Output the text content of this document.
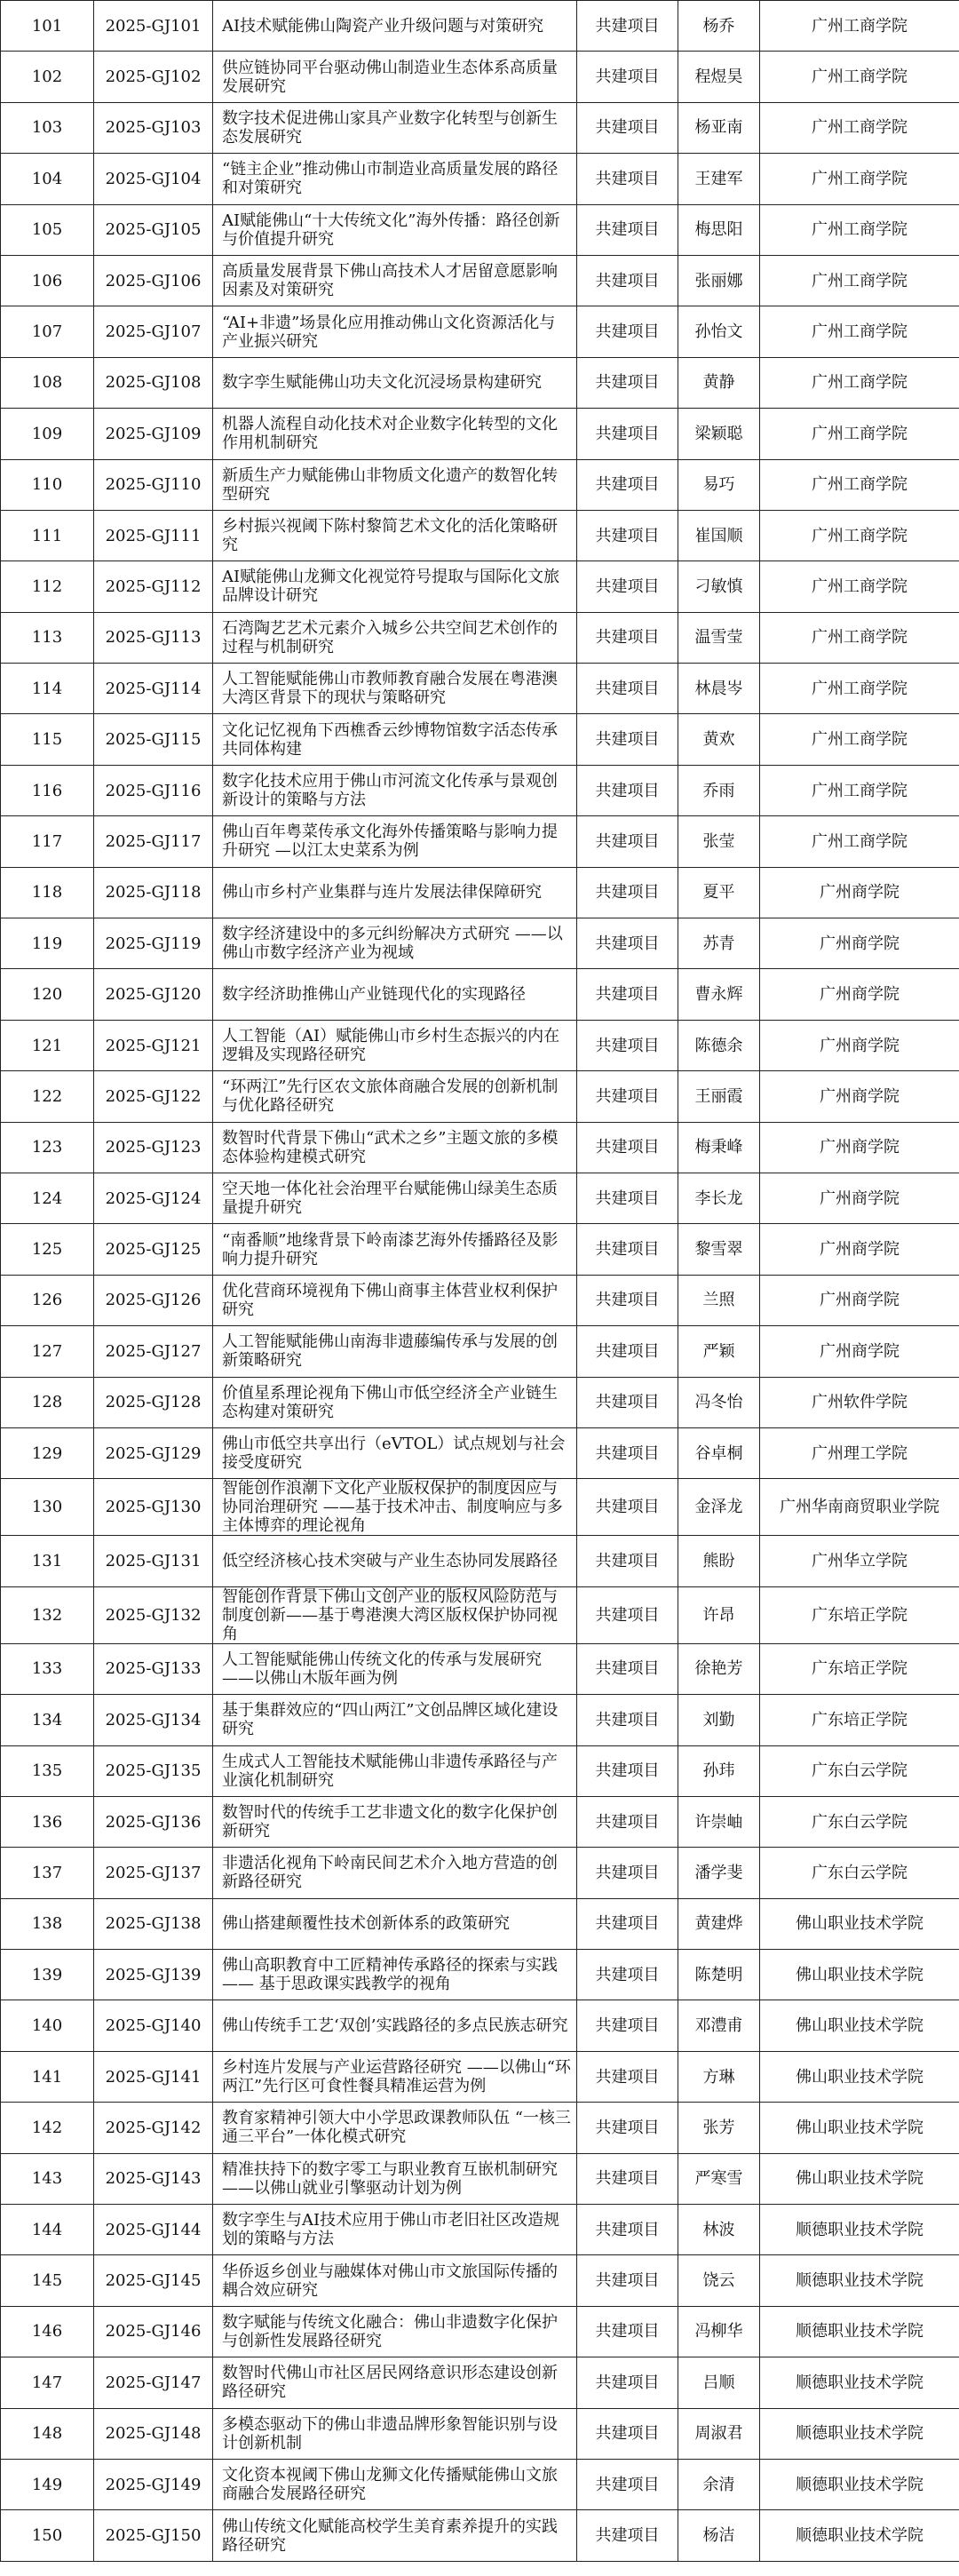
101	2025-GJ101	AI技术赋能佛山陶瓷产业升级问题与对策研究	共建项目	杨乔	广州工商学院
102	2025-GJ102	供应链协同平台驱动佛山制造业生态体系高质量发展研究	共建项目	程煜昊	广州工商学院
103	2025-GJ103	数字技术促进佛山家具产业数字化转型与创新生态发展研究	共建项目	杨亚南	广州工商学院
104	2025-GJ104	“链主企业”推动佛山市制造业高质量发展的路径和对策研究	共建项目	王建军	广州工商学院
105	2025-GJ105	AI赋能佛山“十大传统文化”海外传播：路径创新与价值提升研究	共建项目	梅思阳	广州工商学院
106	2025-GJ106	高质量发展背景下佛山高技术人才居留意愿影响因素及对策研究	共建项目	张丽娜	广州工商学院
107	2025-GJ107	“AI+非遗”场景化应用推动佛山文化资源活化与产业振兴研究	共建项目	孙怡文	广州工商学院
108	2025-GJ108	数字孪生赋能佛山功夫文化沉浸场景构建研究	共建项目	黄静	广州工商学院
109	2025-GJ109	机器人流程自动化技术对企业数字化转型的文化作用机制研究	共建项目	梁颖聪	广州工商学院
110	2025-GJ110	新质生产力赋能佛山非物质文化遗产的数智化转型研究	共建项目	易巧	广州工商学院
111	2025-GJ111	乡村振兴视阈下陈村黎简艺术文化的活化策略研究	共建项目	崔国顺	广州工商学院
112	2025-GJ112	AI赋能佛山龙狮文化视觉符号提取与国际化文旅品牌设计研究	共建项目	刁敏慎	广州工商学院
113	2025-GJ113	石湾陶艺艺术元素介入城乡公共空间艺术创作的过程与机制研究	共建项目	温雪莹	广州工商学院
114	2025-GJ114	人工智能赋能佛山市教师教育融合发展在粤港澳大湾区背景下的现状与策略研究	共建项目	林晨岑	广州工商学院
115	2025-GJ115	文化记忆视角下西樵香云纱博物馆数字活态传承共同体构建	共建项目	黄欢	广州工商学院
116	2025-GJ116	数字化技术应用于佛山市河流文化传承与景观创新设计的策略与方法	共建项目	乔雨	广州工商学院
117	2025-GJ117	佛山百年粤菜传承文化海外传播策略与影响力提升研究 —以江太史菜系为例	共建项目	张莹	广州工商学院
118	2025-GJ118	佛山市乡村产业集群与连片发展法律保障研究	共建项目	夏平	广州商学院
119	2025-GJ119	数字经济建设中的多元纠纷解决方式研究 ——以佛山市数字经济产业为视域	共建项目	苏青	广州商学院
120	2025-GJ120	数字经济助推佛山产业链现代化的实现路径	共建项目	曹永辉	广州商学院
121	2025-GJ121	人工智能（AI）赋能佛山市乡村生态振兴的内在逻辑及实现路径研究	共建项目	陈德余	广州商学院
122	2025-GJ122	“环两江”先行区农文旅体商融合发展的创新机制与优化路径研究	共建项目	王丽霞	广州商学院
123	2025-GJ123	数智时代背景下佛山“武术之乡”主题文旅的多模态体验构建模式研究	共建项目	梅秉峰	广州商学院
124	2025-GJ124	空天地一体化社会治理平台赋能佛山绿美生态质量提升研究	共建项目	李长龙	广州商学院
125	2025-GJ125	“南番顺”地缘背景下岭南漆艺海外传播路径及影响力提升研究	共建项目	黎雪翠	广州商学院
126	2025-GJ126	优化营商环境视角下佛山商事主体营业权利保护研究	共建项目	兰照	广州商学院
127	2025-GJ127	人工智能赋能佛山南海非遗藤编传承与发展的创新策略研究	共建项目	严颖	广州商学院
128	2025-GJ128	价值星系理论视角下佛山市低空经济全产业链生态构建对策研究	共建项目	冯冬怡	广州软件学院
129	2025-GJ129	佛山市低空共享出行（eVTOL）试点规划与社会接受度研究	共建项目	谷卓桐	广州理工学院
130	2025-GJ130	智能创作浪潮下文化产业版权保护的制度因应与协同治理研究 ——基于技术冲击、制度响应与多主体博弈的理论视角	共建项目	金泽龙	广州华南商贸职业学院
131	2025-GJ131	低空经济核心技术突破与产业生态协同发展路径	共建项目	熊盼	广州华立学院
132	2025-GJ132	智能创作背景下佛山文创产业的版权风险防范与制度创新——基于粤港澳大湾区版权保护协同视角	共建项目	许昂	广东培正学院
133	2025-GJ133	人工智能赋能佛山传统文化的传承与发展研究 ——以佛山木版年画为例	共建项目	徐艳芳	广东培正学院
134	2025-GJ134	基于集群效应的“四山两江”文创品牌区域化建设研究	共建项目	刘勤	广东培正学院
135	2025-GJ135	生成式人工智能技术赋能佛山非遗传承路径与产业演化机制研究	共建项目	孙玮	广东白云学院
136	2025-GJ136	数智时代的传统手工艺非遗文化的数字化保护创新研究	共建项目	许崇岫	广东白云学院
137	2025-GJ137	非遗活化视角下岭南民间艺术介入地方营造的创新路径研究	共建项目	潘学斐	广东白云学院
138	2025-GJ138	佛山搭建颠覆性技术创新体系的政策研究	共建项目	黄建烨	佛山职业技术学院
139	2025-GJ139	佛山高职教育中工匠精神传承路径的探索与实践—— 基于思政课实践教学的视角	共建项目	陈楚明	佛山职业技术学院
140	2025-GJ140	佛山传统手工艺‘双创’实践路径的多点民族志研究	共建项目	邓澧甫	佛山职业技术学院
141	2025-GJ141	乡村连片发展与产业运营路径研究 ——以佛山“环两江”先行区可食性餐具精准运营为例	共建项目	方琳	佛山职业技术学院
142	2025-GJ142	教育家精神引领大中小学思政课教师队伍 “一核三通三平台”一体化模式研究	共建项目	张芳	佛山职业技术学院
143	2025-GJ143	精准扶持下的数字零工与职业教育互嵌机制研究 ——以佛山就业引擎驱动计划为例	共建项目	严寒雪	佛山职业技术学院
144	2025-GJ144	数字孪生与AI技术应用于佛山市老旧社区改造规划的策略与方法	共建项目	林波	顺德职业技术学院
145	2025-GJ145	华侨返乡创业与融媒体对佛山市文旅国际传播的耦合效应研究	共建项目	饶云	顺德职业技术学院
146	2025-GJ146	数字赋能与传统文化融合：佛山非遗数字化保护与创新性发展路径研究	共建项目	冯柳华	顺德职业技术学院
147	2025-GJ147	数智时代佛山市社区居民网络意识形态建设创新路径研究	共建项目	吕顺	顺德职业技术学院
148	2025-GJ148	多模态驱动下的佛山非遗品牌形象智能识别与设计创新机制	共建项目	周淑君	顺德职业技术学院
149	2025-GJ149	文化资本视阈下佛山龙狮文化传播赋能佛山文旅商融合发展路径研究	共建项目	余清	顺德职业技术学院
150	2025-GJ150	佛山传统文化赋能高校学生美育素养提升的实践路径研究	共建项目	杨洁	顺德职业技术学院
